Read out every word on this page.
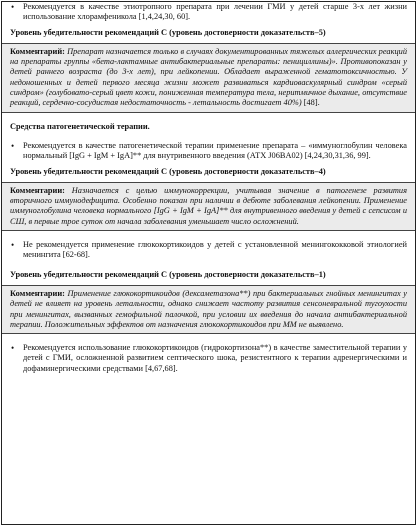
• Рекомендуется в качестве этиотропного препарата при лечении ГМИ у детей старше 3-х лет жизни использование хлорамфеникола [1,4,24,30, 60].

Уровень убедительности рекомендаций C (уровень достоверности доказательств–5)

Комментарий: Препарат назначается только в случаях документированных тяжелых аллергических реакций на препараты группы «бета-лактамные антибактериальные препараты: пенициллины)». Противопоказан у детей раннего возраста (до 3-х лет), при лейкопении. Обладает выраженной гематотоксичностью. У недоношенных и детей первого месяца жизни может развиваться кардиоваскулярный синдром «серый синдром» (голубовато-серый цвет кожи, пониженная температура тела, неритмичное дыхание, отсутствие реакций, сердечно-сосудистая недостаточность - летальность достигает 40%) [48].

Средства патогенетической терапии.

• Рекомендуется в качестве патогенетической терапии применение препарата – «иммуноглобулин человека нормальный [IgG + IgM + IgA]** для внутривенного введения (АТХ J06BA02) [4,24,30,31,36, 99].

Уровень убедительности рекомендаций C (уровень достоверности доказательств–4)

Комментарии: Назначается с целью иммунокоррекции, учитывая значение в патогенезе развития вторичного иммунодефицита. Особенно показан при наличии в дебюте заболевания лейкопении. Применение иммуноглобулина человека нормального [IgG + IgM + IgA]** для внутривенного введения у детей с сепсисом и СШ, в первые трое суток от начала заболевания уменьшает число осложнений.

• Не рекомендуется применение глюкокортикоидов у детей с установленной менингококковой этиологией менингита [62-68].

Уровень убедительности рекомендаций C (уровень достоверности доказательств–1)

Комментарии: Применение глюкокортикоидов (дексаметазона**) при бактериальных гнойных менингитах у детей не влияет на уровень летальности, однако снижает частоту развития сенсоневральной тугоухости при менингитах, вызванных гемофильной палочкой, при условии их введения до начала антибактериальной терапии. Положительных эффектов от назначения глюкокортикоидов при ММ не выявлено.

• Рекомендуется использование глюкокортикоидов (гидрокортизона**) в качестве заместительной терапии у детей с ГМИ, осложненной развитием септического шока, резистентного к терапии адренергическими и дофаминергическими средствами [4,67,68].
